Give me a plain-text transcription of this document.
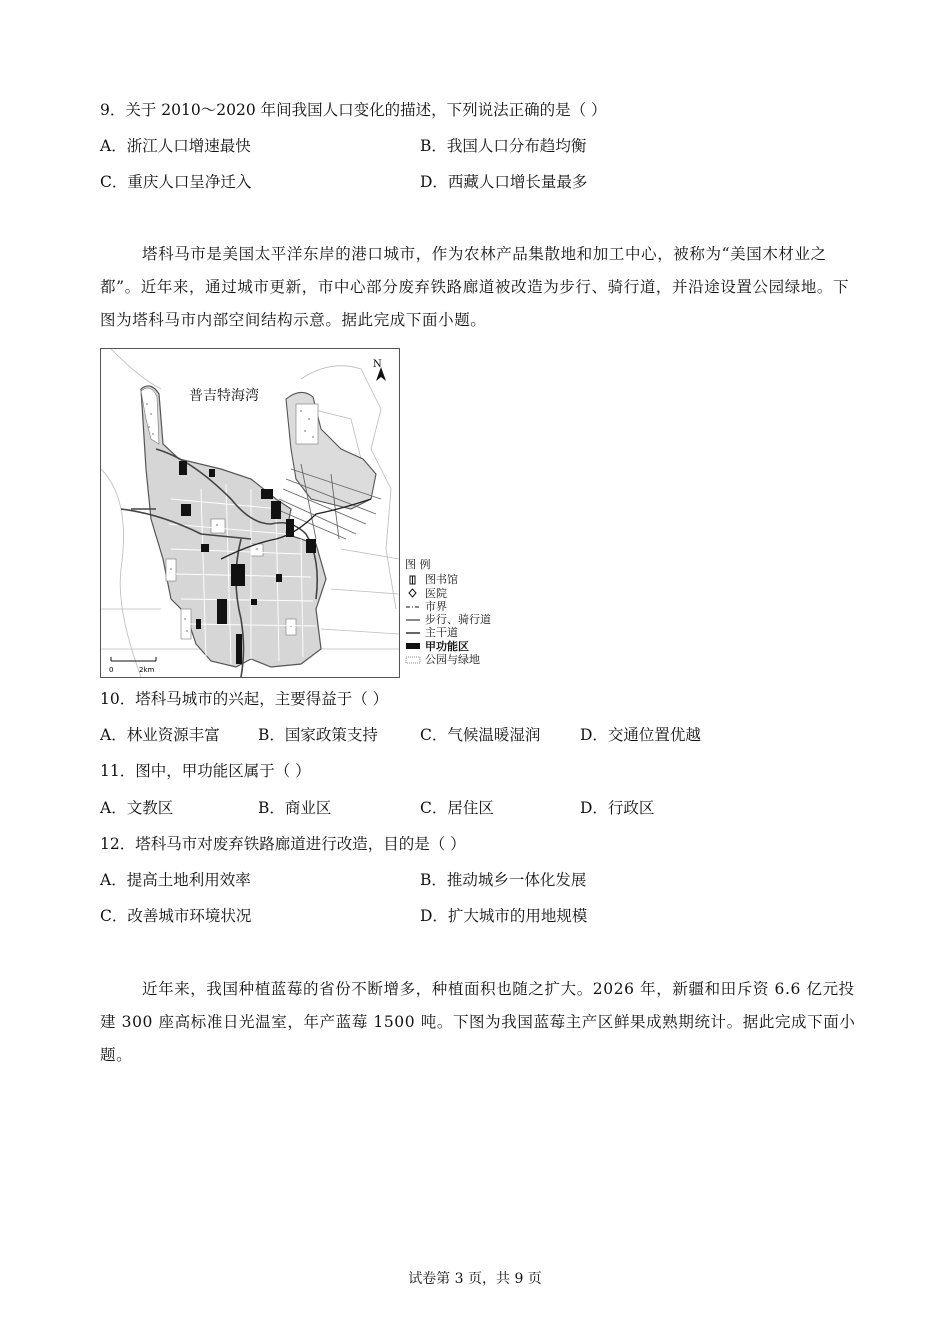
9．关于 2010～2020 年间我国人口变化的描述，下列说法正确的是（ ）
A．浙江人口增速最快	B．我国人口分布趋均衡
C．重庆人口呈净迁入	D．西藏人口增长量最多
塔科马市是美国太平洋东岸的港口城市，作为农林产品集散地和加工中心，被称为“美国木材业之都”。近年来，通过城市更新，市中心部分废弃铁路廊道被改造为步行、骑行道，并沿途设置公园绿地。下图为塔科马市内部空间结构示意。据此完成下面小题。
N
普吉特海湾
0	2km
图 例
图书馆
医院
市界
步行、骑行道
主干道
甲功能区
公园与绿地
10．塔科马城市的兴起，主要得益于（ ）
A．林业资源丰富 B．国家政策支持	C．气候温暖湿润	D．交通位置优越
11．图中，甲功能区属于（ ）
A．文教区	B．商业区	C．居住区	D．行政区
12．塔科马市对废弃铁路廊道进行改造，目的是（ ）
A．提高土地利用效率	B．推动城乡一体化发展
C．改善城市环境状况	D．扩大城市的用地规模
近年来，我国种植蓝莓的省份不断增多，种植面积也随之扩大。2026 年，新疆和田斥资 6.6 亿元投建 300 座高标准日光温室，年产蓝莓 1500 吨。下图为我国蓝莓主产区鲜果成熟期统计。据此完成下面小题。
试卷第 3 页，共 9 页
